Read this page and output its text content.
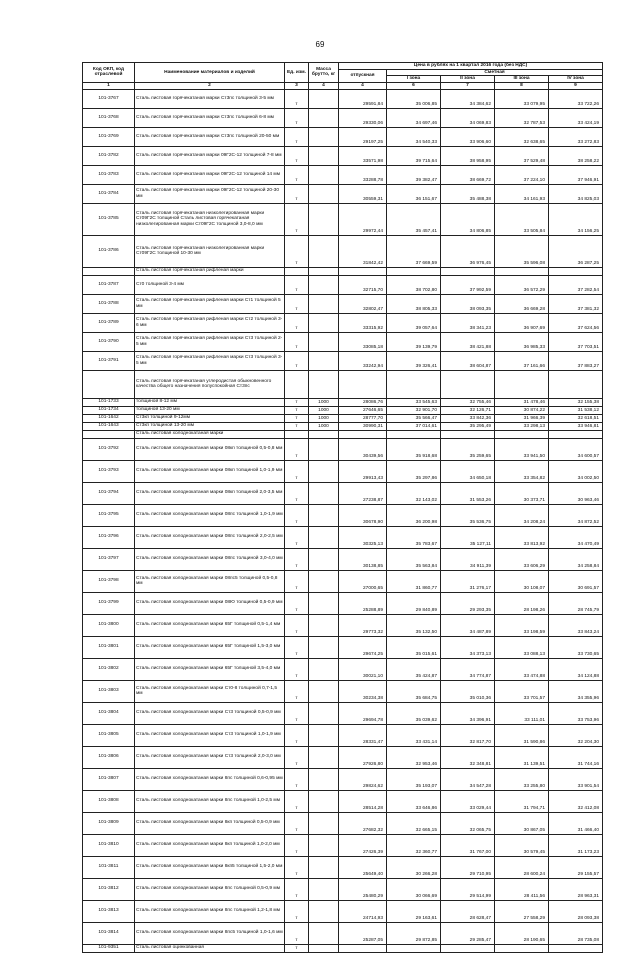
69
Код ОКП, код отраслевой	Наименование материалов и изделий	Ед. изм.	Масса брутто, кг	Цена в рублях на 1 квартал 2016 года (без НДС)				
				отпускная	Сметная			
					I зона	II зона	III зона	IV зона
1	2	3	4	4	6	7	8	9
101-3767	Сталь листовая горячекатаная марки Ст3пс толщиной 3-5 мм	т		29591,84	35 006,85	34 384,62	33 079,95	33 722,26
101-3768	Сталь листовая горячекатаная марки Ст3пс толщиной 6-8 мм	т		29330,06	34 697,46	34 069,83	32 787,53	33 424,19
101-3769	Сталь листовая горячекатаная марки Ст3пс толщиной 20-50 мм	т		29197,25	34 540,33	33 906,60	32 638,65	33 272,83
101-3782	Сталь листовая горячекатаная марки 09Г2С-12 толщиной 7-8 мм	т		33571,98	39 715,64	38 958,95	37 529,48	38 258,22
101-3783	Сталь листовая горячекатаная марки 09Г2С-12 толщиной 14 мм	т		33288,78	39 382,47	38 669,72	37 224,10	37 946,91
101-3784	Сталь листовая горячекатаная марки 09Г2С-12 толщиной 20-30 мм	т		30559,31	36 151,67	35 488,38	34 161,93	34 825,03
101-3785	Сталь листовая горячекатаная низколегированная марки Ст09Г2С толщиной Сталь листовая горячекатаная низколегированная марки Ст09Г2С толщиной 3,0-8,0 мм	т		29972,44	35 457,41	34 806,85	33 505,84	34 156,25
101-3786	Сталь листовая горячекатаная низколегированная марки Ст09Г2С толщиной 10-30 мм	т		31842,42	37 669,59	36 976,45	35 596,08	36 287,25
	Сталь листовая горячекатаная рифленая марки							
101-3787	Ст0 толщиной 3-4 мм	т		32715,70	38 702,80	37 992,59	36 572,29	37 282,54
101-3788	Сталь листовая горячекатаная рифленая марки Ст1 толщиной 5 мм	т		32802,47	38 805,33	38 093,35	36 669,28	37 381,32
101-3789	Сталь листовая горячекатаная рифленая марки Ст2 толщиной 3-6 мм	т		33315,92	39 057,64	38 341,23	36 907,69	37 624,56
101-3790	Сталь листовая горячекатаная рифленая марки Ст3 толщиной 2-5 мм	т		33085,18	39 139,79	38 421,88	36 985,33	37 703,51
101-3791	Сталь листовая горячекатаная рифленая марки Ст3 толщиной 3-5 мм	т		33242,94	39 326,41	38 604,87	37 161,66	37 883,27
	Сталь листовая горячекатаная углеродистая обыкновенного качества общего назначения полуспокойная Ст3пс							
101-1733	толщиной 8-12 мм	т	1000	28086,76	33 545,63	32 755,46	31 478,46	32 155,38
101-1734	толщиной 13-20 мм	т	1000	27646,65	32 901,70	32 126,71	30 874,22	31 538,12
101-1642	Ст3кп толщиной 9-12мм	т	1000	28777,70	35 566,47	33 842,36	31 966,39	32 618,51
101-1643	Ст3кп толщиной 13-20 мм	т	1000	30990,31	37 014,61	35 295,49	33 298,13	33 946,81
	Сталь листовая холоднокатаная марки							
101-3792	Сталь листовая холоднокатаная марки 08кп толщиной 0,5-0,8 мм	т		30439,56	35 918,68	35 259,65	33 941,50	34 600,57
101-3793	Сталь листовая холоднокатаная марки 08кп толщиной 1,0-1,9 мм	т		29913,43	35 297,86	34 650,18	33 354,82	34 002,50
101-3794	Сталь листовая холоднокатаная марки 08кп толщиной 2,0-3,5 мм	т		27238,87	32 143,02	31 553,26	30 373,71	30 963,46
101-3795	Сталь листовая холоднокатаная марки 08пс толщиной 1,0-1,9 мм	т		30678,90	36 200,98	35 536,75	34 208,24	34 872,52
101-3796	Сталь листовая холоднокатаная марки 08пс толщиной 2,0-2,5 мм	т		30325,13	35 783,67	35 127,11	33 813,92	34 470,49
101-3797	Сталь листовая холоднокатаная марки 08пс толщиной 3,0-4,0 мм	т		30138,85	35 563,84	34 911,39	33 606,29	34 258,84
101-3798	Сталь листовая холоднокатаная марки 08пс5 толщиной 0,5-0,8 мм	т		27000,65	31 860,77	31 276,17	30 108,07	30 691,57
101-3799	Сталь листовая холоднокатаная марки 08Ю толщиной 0,5-0,9 мм	т		25288,89	29 840,89	29 293,35	28 198,26	28 745,79
101-3800	Сталь листовая холоднокатаная марки 65Г толщиной 0,5-1,4 мм	т		29773,32	35 132,50	34 487,89	33 198,59	33 843,24
101-3801	Сталь листовая холоднокатаная марки 65Г толщиной 1,5-3,0 мм	т		29674,25	35 015,61	34 373,13	33 088,13	33 730,65
101-3802	Сталь листовая холоднокатаная марки 65Г толщиной 3,5-4,0 мм	т		30021,10	35 424,87	34 774,87	33 474,88	34 124,88
101-3803	Сталь листовая холоднокатаная марки Ст0-8 толщиной 0,7-1,5 мм	т		30234,38	35 684,75	35 010,36	33 701,57	34 355,96
101-3804	Сталь листовая холоднокатаная марки Ст3 толщиной 0,5-0,9 мм	т		29694,78	35 039,62	34 396,91	33 111,01	33 753,96
101-3805	Сталь листовая холоднокатаная марки Ст3 толщиной 1,0-1,9 мм	т		28331,47	33 431,14	32 817,70	31 590,86	32 204,30
101-3806	Сталь листовая холоднокатаная марки Ст3 толщиной 2,0-3,0 мм	т		27926,80	32 953,46	32 348,81	31 139,51	31 744,16
101-3807	Сталь листовая холоднокатаная марки 8пс толщиной 0,6-0,95 мм	т		29824,62	35 193,07	34 547,28	33 255,80	33 901,54
101-3808	Сталь листовая холоднокатаная марки 8пс толщиной 1,0-2,5 мм	т		28514,28	33 646,86	33 029,44	31 794,71	32 412,08
101-3809	Сталь листовая холоднокатаная марки 8кп толщиной 0,5-0,9 мм	т		27682,32	32 665,15	32 065,75	30 867,05	31 466,40
101-3810	Сталь листовая холоднокатаная марки 8кп толщиной 1,0-2,0 мм	т		27426,39	32 360,77	31 767,00	30 579,45	31 173,23
101-3811	Сталь листовая холоднокатаная марки 8кп5 толщиной 1,5-2,0 мм	т		25649,40	30 266,28	29 710,95	28 600,24	29 155,57
101-3812	Сталь листовая холоднокатаная марки 8пс толщиной 0,5-0,9 мм	т		25480,29	30 066,69	29 514,99	28 411,56	28 963,31
101-3813	Сталь листовая холоднокатаная марки 8пс толщиной 1,2-1,8 мм	т		24714,93	29 163,61	28 628,47	27 558,29	28 093,38
101-3814	Сталь листовая холоднокатаная марки 8пс5 толщиной 1,0-1,6 мм	т		25287,05	29 872,85	29 285,47	28 190,65	28 735,08
101-9351	Сталь листовая оцинкованная	т						
